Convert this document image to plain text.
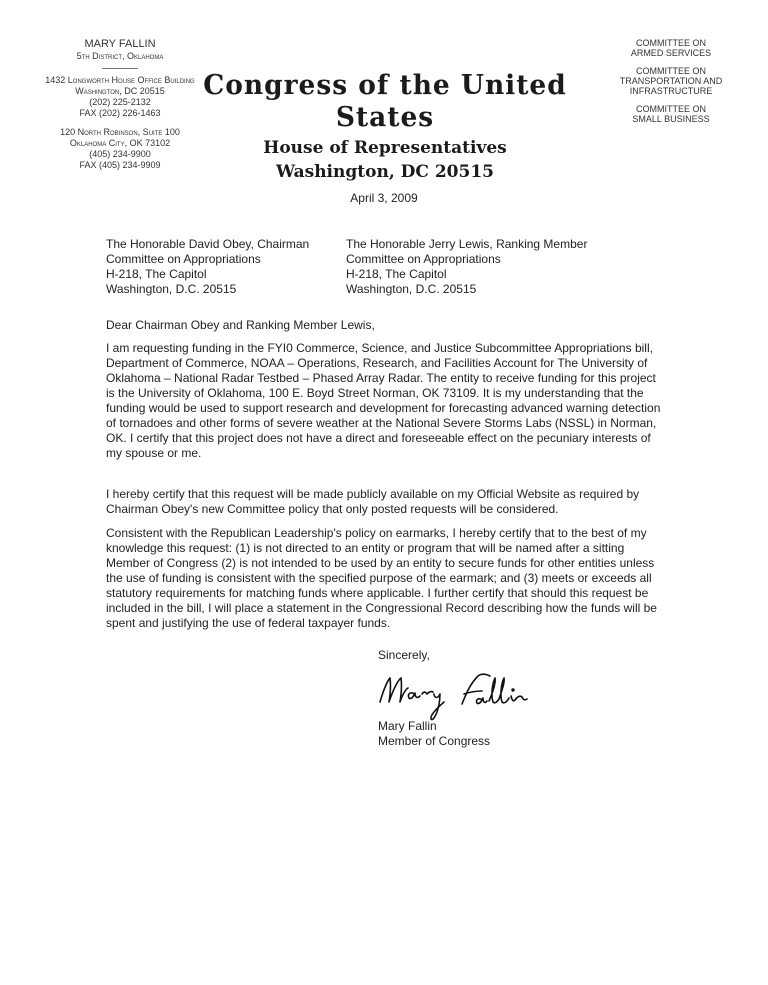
MARY FALLIN
5th District, Oklahoma
1432 Longworth House Office Building
Washington, DC 20515
(202) 225-2132
FAX (202) 226-1463
120 North Robinson, Suite 100
Oklahoma City, OK 73102
(405) 234-9900
FAX (405) 234-9909
Congress of the United States
House of Representatives
Washington, DC 20515
COMMITTEE ON
ARMED SERVICES
COMMITTEE ON
TRANSPORTATION AND
INFRASTRUCTURE
COMMITTEE ON
SMALL BUSINESS
April 3, 2009
The Honorable David Obey, Chairman
Committee on Appropriations
H-218, The Capitol
Washington, D.C. 20515
The Honorable Jerry Lewis, Ranking Member
Committee on Appropriations
H-218, The Capitol
Washington, D.C. 20515
Dear Chairman Obey and Ranking Member Lewis,

I am requesting funding in the FYI0 Commerce, Science, and Justice Subcommittee Appropriations bill, Department of Commerce, NOAA – Operations, Research, and Facilities Account for The University of Oklahoma – National Radar Testbed – Phased Array Radar. The entity to receive funding for this project is the University of Oklahoma, 100 E. Boyd Street Norman, OK 73109. It is my understanding that the funding would be used to support research and development for forecasting advanced warning detection of tornadoes and other forms of severe weather at the National Severe Storms Labs (NSSL) in Norman, OK. I certify that this project does not have a direct and foreseeable effect on the pecuniary interests of my spouse or me.

I hereby certify that this request will be made publicly available on my Official Website as required by Chairman Obey's new Committee policy that only posted requests will be considered.

Consistent with the Republican Leadership's policy on earmarks, I hereby certify that to the best of my knowledge this request: (1) is not directed to an entity or program that will be named after a sitting Member of Congress (2) is not intended to be used by an entity to secure funds for other entities unless the use of funding is consistent with the specified purpose of the earmark; and (3) meets or exceeds all statutory requirements for matching funds where applicable. I further certify that should this request be included in the bill, I will place a statement in the Congressional Record describing how the funds will be spent and justifying the use of federal taxpayer funds.

Sincerely,
Mary Fallin
Member of Congress
